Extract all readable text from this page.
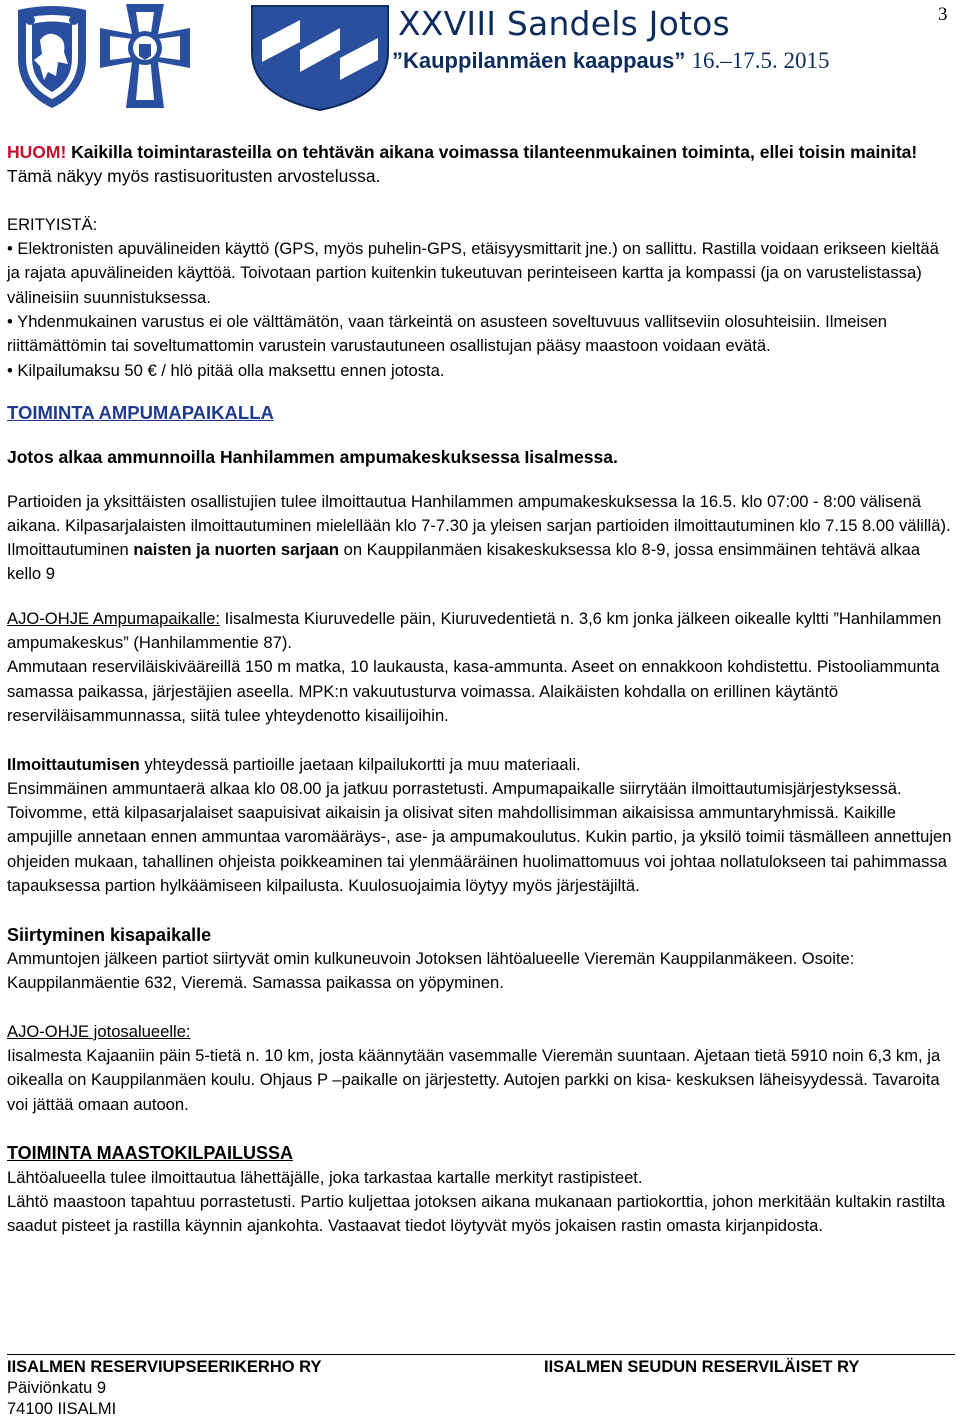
XXVIII Sandels Jotos
”Kauppilanmäen kaappaus” 16.–17.5. 2015
3

HUOM! Kaikilla toimintarasteilla on tehtävän aikana voimassa tilanteenmukainen toiminta, ellei toisin mainita! Tämä näkyy myös rastisuoritusten arvostelussa.

ERITYISTÄ:

• Elektronisten apuvälineiden käyttö (GPS, myös puhelin-GPS, etäisyysmittarit jne.) on sallittu. Rastilla voidaan erikseen kieltää ja rajata apuvälineiden käyttöä. Toivotaan partion kuitenkin tukeutuvan perinteiseen kartta ja kompassi (ja on varustelistassa) välineisiin suunnistuksessa.

• Yhdenmukainen varustus ei ole välttämätön, vaan tärkeintä on asusteen soveltuvuus vallitseviin olosuhteisiin. Ilmeisen riittämättömin tai soveltumattomin varustein varustautuneen osallistujan pääsy maastoon voidaan evätä.

• Kilpailumaksu 50 € / hlö pitää olla maksettu ennen jotosta.

TOIMINTA AMPUMAPAIKALLA

Jotos alkaa ammunnoilla Hanhilammen ampumakeskuksessa Iisalmessa.

Partioiden ja yksittäisten osallistujien tulee ilmoittautua Hanhilammen ampumakeskuksessa la 16.5. klo 07:00 - 8:00 välisenä aikana. Kilpasarjalaisten ilmoittautuminen mielellään klo 7-7.30 ja yleisen sarjan partioiden ilmoittautuminen klo 7.15 8.00 välillä). Ilmoittautuminen naisten ja nuorten sarjaan on Kauppilanmäen kisakeskuksessa klo 8-9, jossa ensimmäinen tehtävä alkaa kello 9

AJO-OHJE Ampumapaikalle: Iisalmesta Kiuruvedelle päin, Kiuruvedentietä n. 3,6 km jonka jälkeen oikealle kyltti ”Hanhilammen ampumakeskus” (Hanhilammentie 87).

Ammutaan reserviläiskivääreillä 150 m matka, 10 laukausta, kasa-ammunta. Aseet on ennakkoon kohdistettu. Pistooliammunta samassa paikassa, järjestäjien aseella. MPK:n vakuutusturva voimassa. Alaikäisten kohdalla on erillinen käytäntö reserviläisammunnassa, siitä tulee yhteydenotto kisailijoihin.

Ilmoittautumisen yhteydessä partioille jaetaan kilpailukortti ja muu materiaali.

Ensimmäinen ammuntaerä alkaa klo 08.00 ja jatkuu porrastetusti. Ampumapaikalle siirrytään ilmoittautumisjärjestyksessä. Toivomme, että kilpasarjalaiset saapuisivat aikaisin ja olisivat siten mahdollisimman aikaisissa ammuntaryhmissä. Kaikille ampujille annetaan ennen ammuntaa varomääräys-, ase- ja ampumakoulutus. Kukin partio, ja yksilö toimii täsmälleen annettujen ohjeiden mukaan, tahallinen ohjeista poikkeaminen tai ylenmääräinen huolimattomuus voi johtaa nollatulokseen tai pahimmassa tapauksessa partion hylkäämiseen kilpailusta. Kuulosuojaimia löytyy myös järjestäjiltä.

Siirtyminen kisapaikalle

Ammuntojen jälkeen partiot siirtyvät omin kulkuneuvoin Jotoksen lähtöalueelle Vieremän Kauppilanmäkeen. Osoite: Kauppilanmäentie 632, Vieremä. Samassa paikassa on yöpyminen.

AJO-OHJE jotosalueelle:

Iisalmesta Kajaaniin päin 5-tietä n. 10 km, josta käännytään vasemmalle Vieremän suuntaan. Ajetaan tietä 5910 noin 6,3 km, ja oikealla on Kauppilanmäen koulu. Ohjaus P –paikalle on järjestetty. Autojen parkki on kisa- keskuksen läheisyydessä. Tavaroita voi jättää omaan autoon.

TOIMINTA MAASTOKILPAILUSSA

Lähtöalueella tulee ilmoittautua lähettäjälle, joka tarkastaa kartalle merkityt rastipisteet.

Lähtö maastoon tapahtuu porrastetusti. Partio kuljettaa jotoksen aikana mukanaan partiokorttia, johon merkitään kultakin rastilta saadut pisteet ja rastilla käynnin ajankohta. Vastaavat tiedot löytyvät myös jokaisen rastin omasta kirjanpidosta.

IISALMEN RESERVIUPSEERIKERHO RY	IISALMEN SEUDUN RESERVILÄISET RY
Päiviönkatu 9
74100 IISALMI
